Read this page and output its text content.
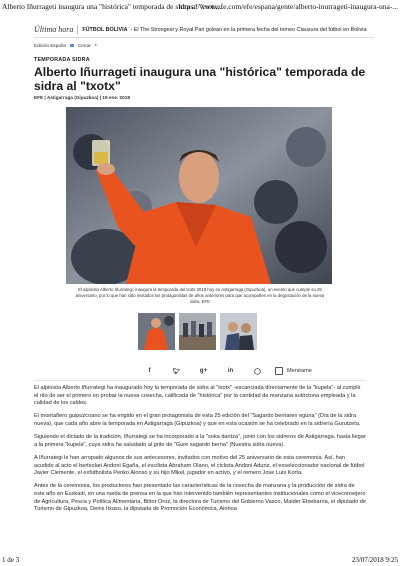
Alberto Iñurrageti inaugura una "histórica" temporada de sidra al "txotx...
https://www.efe.com/efe/espana/gente/alberto-inurrageti-inaugura-una-...
Última hora	FÚTBOL BOLIVIA - El The Strongest y Royal Pari golean en la primera fecha del torneo Clausura del fútbol en Bolivia
Edición España	Cerrar ▸
TEMPORADA SIDRA
Alberto Iñurrageti inaugura una "histórica" temporada de sidra al "txotx"
EFE | Astigarraga (Gipuzkoa) | 15 ene. 2018

El alpinista Alberto Iñurrategi, inaugura la temporada del txotx 2018 hoy en Astigarraga (Gipuzkoa), un evento que cumple su 25 aniversario, por lo que han sido invitados los protagonistas de años anteriores para que acompañen en la degustación de la nueva sidra. EFE

f	🐦︎	g+	in	◯	Menéame

El alpinista Alberto Iñurrategi ha inaugurado hoy la temporada de sidra al "txotx" -escanciada directamente de la "kupela"- al cumplir el rito de ser el primero en probar la nueva cosecha, calificada de "histórica" por la cantidad de manzana autóctona empleada y la calidad de los caldos.

El montañero guipuzcoano se ha erigido en el gran protagonista de esta 25 edición del "Sagardo berriaren eguna" (Día de la sidra nueva), que cada año abre la temporada en Astigarraga (Gipuzkoa) y que en esta ocasión se ha celebrado en la sidrería Gurutzeta.

Siguiendo el dictado de la tradición, Iñurrategi se ha incorporado a la "soka dantza", junto con los sidreros de Astigarraga, hasta llegar a la primera "kupela", cuya sidra ha saludado al grito de "Gure sagardo berria" (Nuestra sidra nueva).

A Iñurrategi le han arropado algunos de sus antecesores, invitados con motivo del 25 aniversario de esta ceremonia. Así, han acudido al acto el bertsolari Andoni Egaña, el excilista Abraham Olano, el ciclista Andoni Aduriz, el exseleccionador nacional de fútbol Javier Clemente, el exfutbolista Penko Alonso y su hijo Mikel, jugador en activo, y el remero Jose Luis Korta.

Antes de la ceremonia, los productores han presentado las características de la cosecha de manzana y la producción de sidra de este año en Euskadi, en una rueda de prensa en la que han intervenido también representantes institucionales como el viceconsejero de Agricultura, Pesca y Política Alimentaria, Bittor Oroz, la directora de Turismo del Gobierno Vasco, Maider Etxebarria, el diputado de Turismo de Gipuzkoa, Denis Itxaso, la diputada de Promoción Económica, Ainhoa

1 de 3	23/07/2018 9:25
